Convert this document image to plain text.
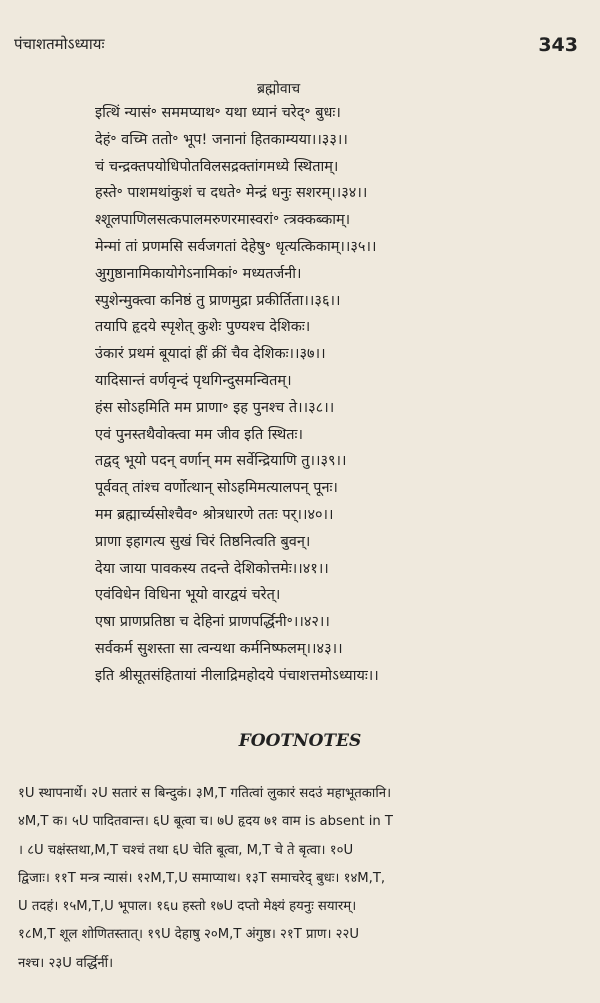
पंचाशतमोऽध्यायः	343
ब्रह्मोवाच
इत्थिं न्यासं॰ सममप्याथ॰ यथा ध्यानं चरेद्॰ बुधः।
देहं॰ वच्मि ततो॰ भूप! जनानां हितकाम्यया।।३३।।
चं चन्द्रक्तपयोधिपोतविलसद्रक्तांगमध्ये स्थिताम्।
हस्ते॰ पाशमथांकुशं च दधते॰ मेन्द्रं धनुः सशरम्।।३४।।
श्शूलपाणिलसत्कपालमरुणरमास्वरां॰ त्त्रक्कब्काम्।
मेन्मां तां प्रणमसि सर्वजगतां देहेषु॰ धृत्यत्किकाम्।।३५।।
अुगुष्ठानामिकायोगेऽनामिकां॰ मध्यतर्जनी।
स्पुशेन्मुक्त्वा कनिष्ठं तु प्राणमुद्रा प्रकीर्तिता।।३६।।
तयापि हृदये स्पृशेत् कुशेः पुण्यश्च देशिकः।
उंकारं प्रथमं बूयादां ह्रीं क्रीं चैव देशिकः।।३७।।
यादिसान्तं वर्णवृन्दं पृथगिन्दुसमन्वितम्।
हंस सोऽहमिति मम प्राणा॰ इह पुनश्च ते।।३८।।
एवं पुनस्तथैवोक्त्वा मम जीव इति स्थितः।
तद्वद् भूयो पदन् वर्णान् मम सर्वेन्द्रियाणि तु।।३९।।
पूर्ववत् तांश्च वर्णोत्थान् सोऽहमिमत्यालपन् पूनः।
मम ब्रह्मार्च्यसोश्चैव॰ श्रोत्रधारणे ततः पर्।।४०।।
प्राणा इहागत्य सुखं चिरं तिष्ठनित्वति बुवन्।
देया जाया पावकस्य तदन्ते देशिकोत्तमेः।।४१।।
एवंविधेन विधिना भूयो वारद्वयं चरेत्।
एषा प्राणप्रतिष्ठा च देहिनां प्राणपर्द्धिनी॰।।४२।।
सर्वकर्म सुशस्ता सा त्वन्यथा कर्मनिष्फलम्।।४३।।
इति श्रीसूतसंहितायां नीलाद्रिमहोदये पंचाशत्तमोऽध्यायः।।
FOOTNOTES
१U स्थापनार्थे। २U सतारं स बिन्दुकं। ३M,T गतित्वां लुकारं सदउं महाभूतकानि।
४M,T क। ५U पादितवान्त। ६U बूत्वा च। ७U हृदय ७१ वाम is absent in T
। ८U चक्षंस्तथा,M,T चश्चं तथा ६U चेति बूत्वा, M,T चे ते बृत्वा। १०U
द्विजाः। ११T मन्त्र न्यासं। १२M,T,U समाप्याथ। १३T समाचरेद् बुधः। १४M,T,
U तदहं। १५M,T,U भूपाल। १६u हस्तो १७U दप्तो मेक्ष्यं हयनुः सयारम्।
१८M,T शूल शोणितस्तात्। १९U देहाषु २०M,T अंगुष्ठ। २१T प्राण। २२U
नश्च। २३U वर्द्धिर्नी।
